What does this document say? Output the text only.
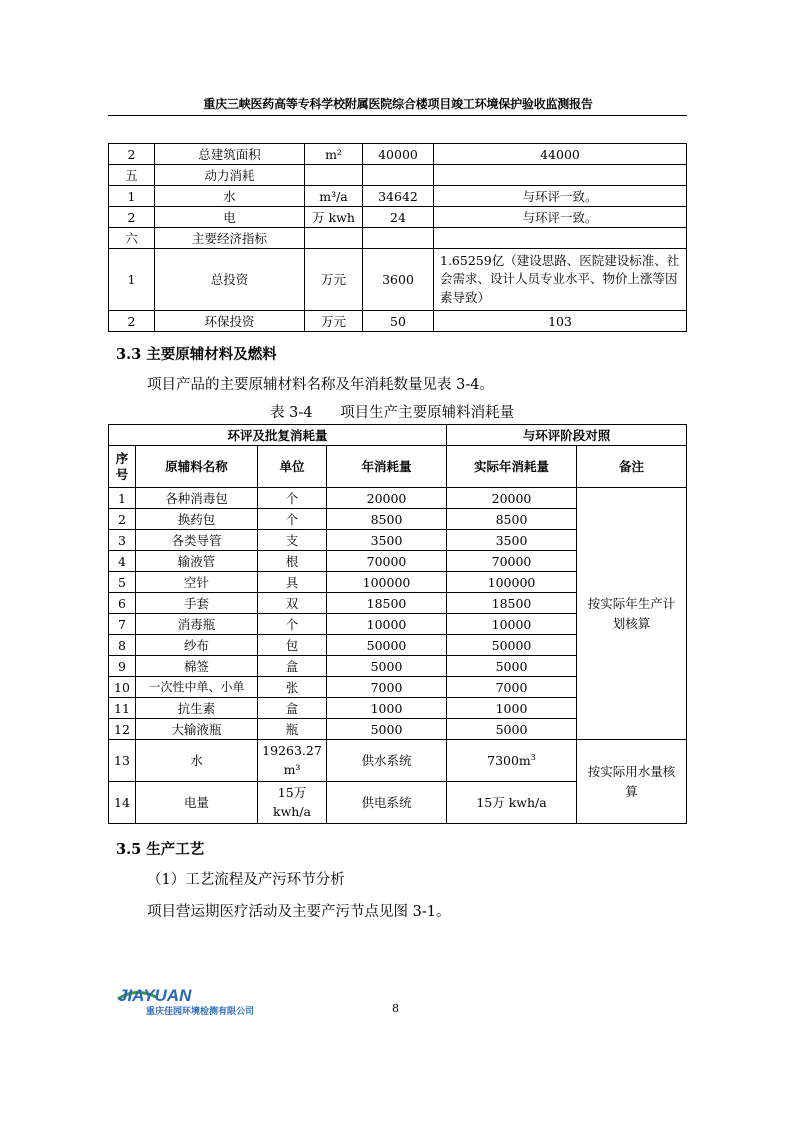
重庆三峡医药高等专科学校附属医院综合楼项目竣工环境保护验收监测报告
2	总建筑面积	m²	40000	44000
五	动力消耗			
1	水	m³/a	34642	与环评一致。
2	电	万 kwh	24	与环评一致。
六	主要经济指标			
1	总投资	万元	3600	1.65259亿（建设思路、医院建设标准、社会需求、设计人员专业水平、物价上涨等因素导致）
2	环保投资	万元	50	103
3.3 主要原辅材料及燃料
项目产品的主要原辅材料名称及年消耗数量见表 3-4。
表 3-4      项目生产主要原辅料消耗量
环评及批复消耗量				与环评阶段对照	
序号	原辅料名称	单位	年消耗量	实际年消耗量	备注
1	各种消毒包	个	20000	20000	按实际年生产计划核算
2	换药包	个	8500	8500	
3	各类导管	支	3500	3500	
4	输液管	根	70000	70000	
5	空针	具	100000	100000	
6	手套	双	18500	18500	
7	消毒瓶	个	10000	10000	
8	纱布	包	50000	50000	
9	棉签	盒	5000	5000	
10	一次性中单、小单	张	7000	7000	
11	抗生素	盒	1000	1000	
12	大输液瓶	瓶	5000	5000	
13	水	19263.27
m³	供水系统	$7300m^3$	按实际用水量核算
14	电量	15万 kwh/a	供电系统	15万 kwh/a	
3.5 生产工艺
（1）工艺流程及产污环节分析
项目营运期医疗活动及主要产污节点见图 3-1。
JIAYUAN
重庆佳园环境检测有限公司	8
